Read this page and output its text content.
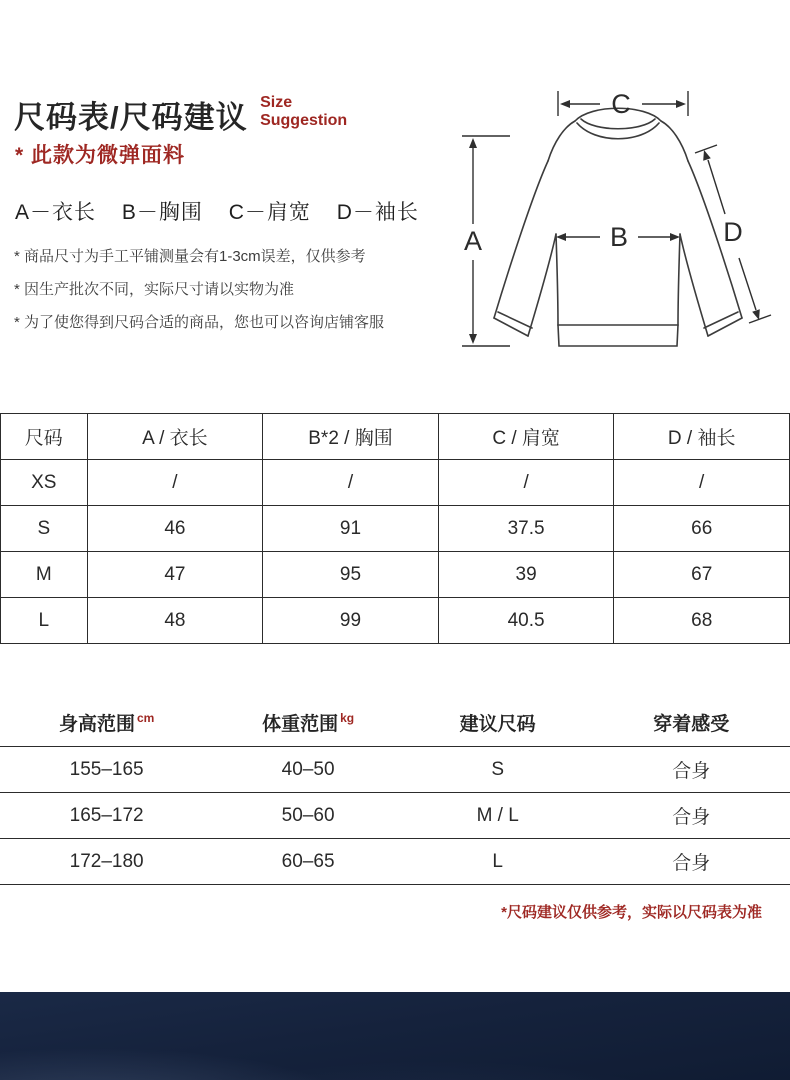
尺码表/尺码建议 Size
Suggestion
* 此款为微弹面料
A－衣长 B－胸围 C－肩宽 D－袖长
* 商品尺寸为手工平铺测量会有1-3cm误差，仅供参考
* 因生产批次不同，实际尺寸请以实物为准
* 为了使您得到尺码合适的商品，您也可以咨询店铺客服
A	B
C
D
尺码	A / 衣长	B*2 / 胸围	C / 肩宽	D / 袖长
XS	/	/	/	/
S	46	91	37.5	66
M	47	95	39	67
L	48	99	40.5	68
身高范围 $^{cm}$	体重范围 $^{kg}$	建议尺码	穿着感受
155–165	40–50	S	合身
165–172	50–60	M / L	合身
172–180	60–65	L	合身
*尺码建议仅供参考，实际以尺码表为准
